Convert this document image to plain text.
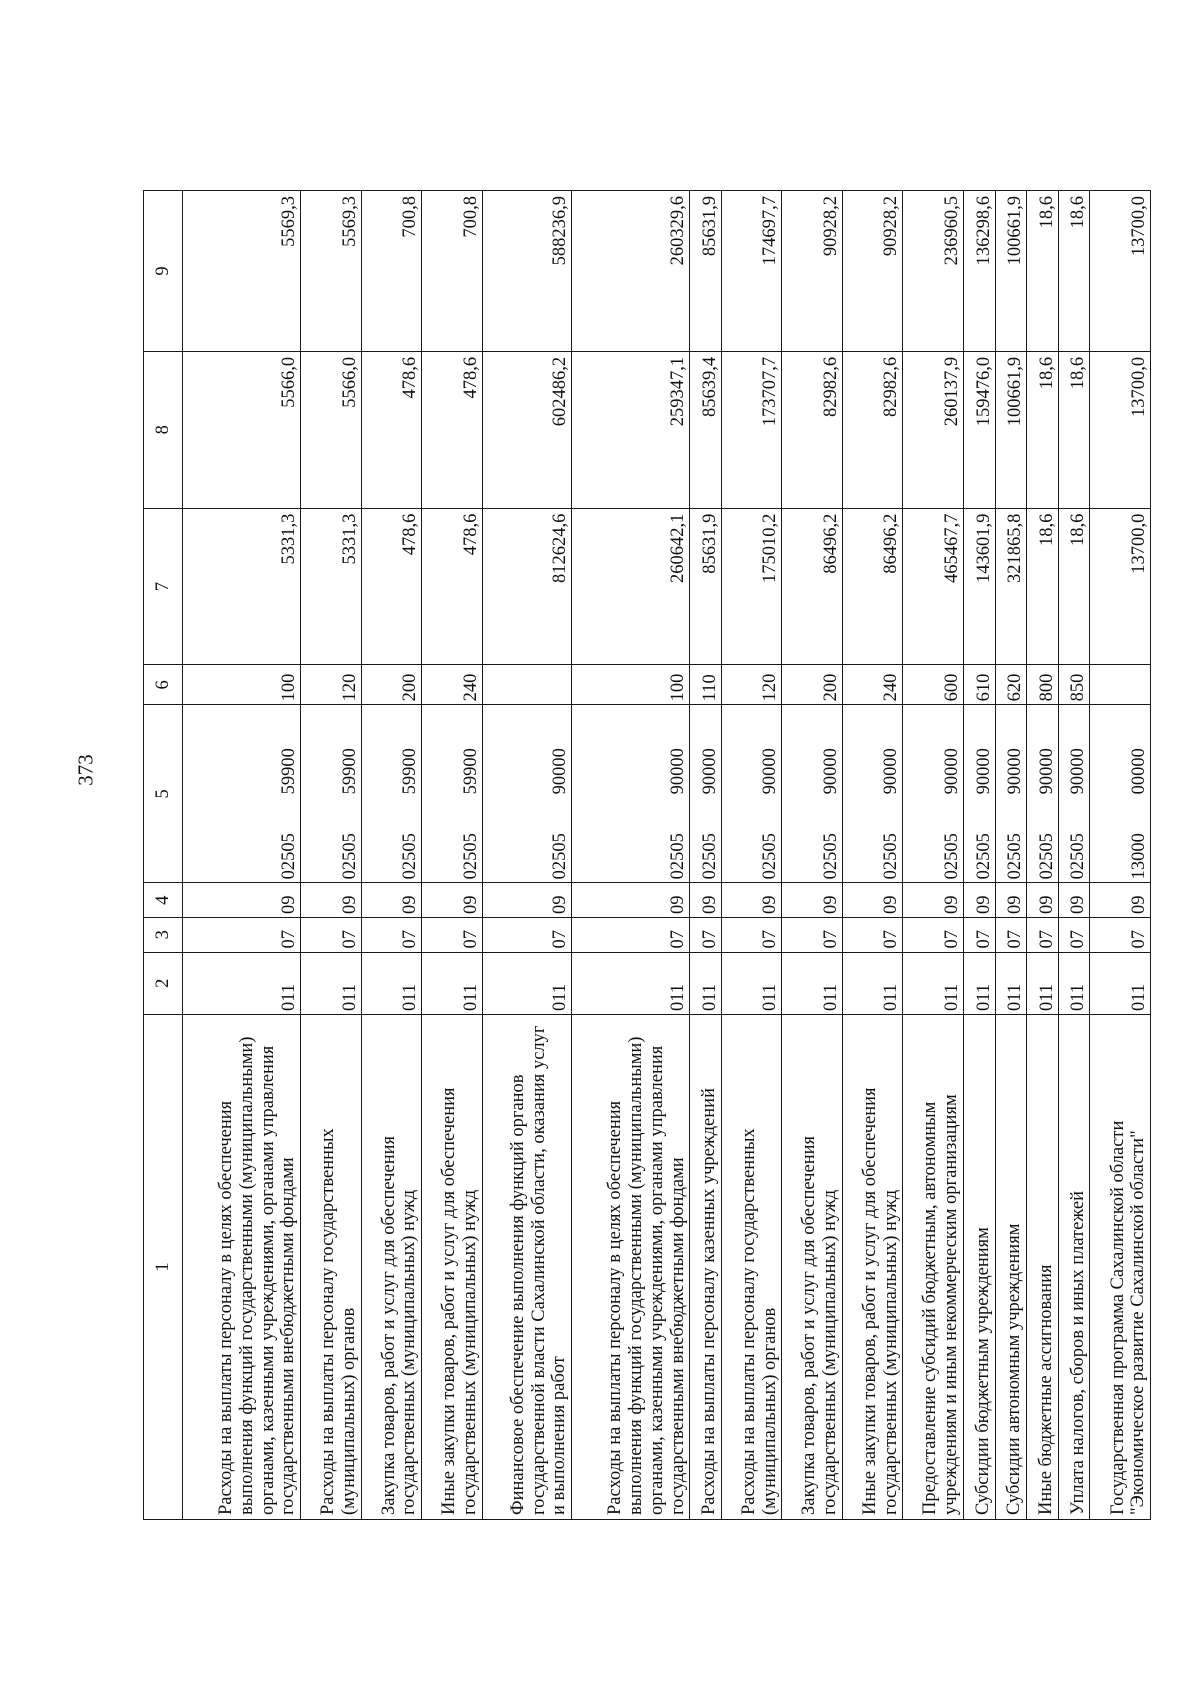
373
1	2	3	4	5	6	7	8	9
Расходы на выплаты персоналу в целях обеспечения выполнения функций государственными (муниципальными) органами, казенными учреждениями, органами управления государственными внебюджетными фондами	011	07	09	0250559900	100	5331,3	5566,0	5569,3
Расходы на выплаты персоналу государственных (муниципальных) органов	011	07	09	0250559900	120	5331,3	5566,0	5569,3
Закупка товаров, работ и услуг для обеспечения государственных (муниципальных) нужд	011	07	09	0250559900	200	478,6	478,6	700,8
Иные закупки товаров, работ и услуг для обеспечения государственных (муниципальных) нужд	011	07	09	0250559900	240	478,6	478,6	700,8
Финансовое обеспечение выполнения функций органов государственной власти Сахалинской области, оказания услуг и выполнения работ	011	07	09	0250590000		812624,6	602486,2	588236,9
Расходы на выплаты персоналу в целях обеспечения выполнения функций государственными (муниципальными) органами, казенными учреждениями, органами управления государственными внебюджетными фондами	011	07	09	0250590000	100	260642,1	259347,1	260329,6
Расходы на выплаты персоналу казенных учреждений	011	07	09	0250590000	110	85631,9	85639,4	85631,9
Расходы на выплаты персоналу государственных (муниципальных) органов	011	07	09	0250590000	120	175010,2	173707,7	174697,7
Закупка товаров, работ и услуг для обеспечения государственных (муниципальных) нужд	011	07	09	0250590000	200	86496,2	82982,6	90928,2
Иные закупки товаров, работ и услуг для обеспечения государственных (муниципальных) нужд	011	07	09	0250590000	240	86496,2	82982,6	90928,2
Предоставление субсидий бюджетным, автономным учреждениям и иным некоммерческим организациям	011	07	09	0250590000	600	465467,7	260137,9	236960,5
Субсидии бюджетным учреждениям	011	07	09	0250590000	610	143601,9	159476,0	136298,6
Субсидии автономным учреждениям	011	07	09	0250590000	620	321865,8	100661,9	100661,9
Иные бюджетные ассигнования	011	07	09	0250590000	800	18,6	18,6	18,6
Уплата налогов, сборов и иных платежей	011	07	09	0250590000	850	18,6	18,6	18,6
Государственная программа Сахалинской области "Экономическое развитие Сахалинской области"	011	07	09	1300000000		13700,0	13700,0	13700,0
